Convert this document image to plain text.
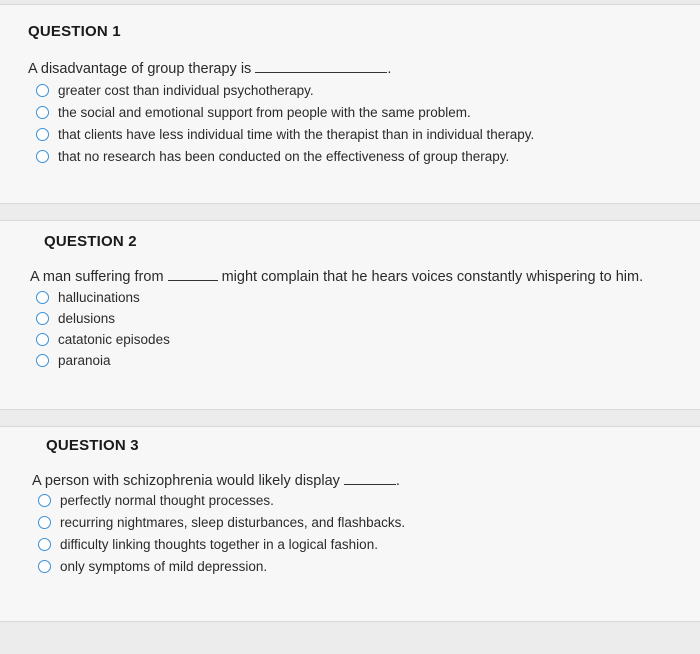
QUESTION 1
A disadvantage of group therapy is	.
greater cost than individual psychotherapy.
the social and emotional support from people with the same problem.
that clients have less individual time with the therapist than in individual therapy.
that no research has been conducted on the effectiveness of group therapy.
QUESTION 2
A man suffering from	might complain that he hears voices constantly whispering to him.
hallucinations
delusions
catatonic episodes
paranoia
QUESTION 3
A person with schizophrenia would likely display	.
perfectly normal thought processes.
recurring nightmares, sleep disturbances, and flashbacks.
difficulty linking thoughts together in a logical fashion.
only symptoms of mild depression.
